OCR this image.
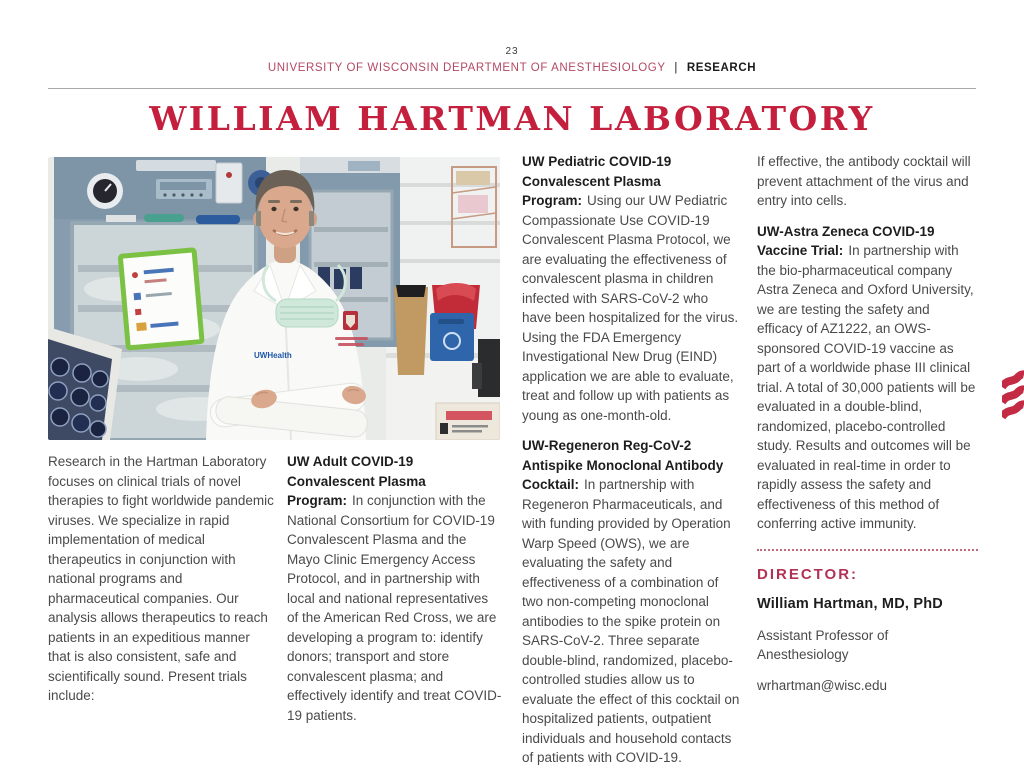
23
UNIVERSITY OF WISCONSIN DEPARTMENT OF ANESTHESIOLOGY | RESEARCH
WILLIAM HARTMAN LABORATORY
UWHealth

Research in the Hartman Laboratory focuses on clinical trials of novel therapies to fight worldwide pandemic viruses. We specialize in rapid implementation of medical therapeutics in conjunction with national programs and pharmaceutical companies. Our analysis allows therapeutics to reach patients in an expeditious manner that is also consistent, safe and scientifically sound. Present trials include:

UW Adult COVID-19 Convalescent Plasma Program: In conjunction with the National Consortium for COVID-19 Convalescent Plasma and the Mayo Clinic Emergency Access Protocol, and in partnership with local and national representatives of the American Red Cross, we are developing a program to: identify donors; transport and store convalescent plasma; and effectively identify and treat COVID-19 patients.

UW Pediatric COVID-19 Convalescent Plasma Program: Using our UW Pediatric Compassionate Use COVID-19 Convalescent Plasma Protocol, we are evaluating the effectiveness of convalescent plasma in children infected with SARS-CoV-2 who have been hospitalized for the virus. Using the FDA Emergency Investigational New Drug (EIND) application we are able to evaluate, treat and follow up with patients as young as one-month-old.

UW-Regeneron Reg-CoV-2 Antispike Monoclonal Antibody Cocktail: In partnership with Regeneron Pharmaceuticals, and with funding provided by Operation Warp Speed (OWS), we are evaluating the safety and effectiveness of a combination of two non-competing monoclonal antibodies to the spike protein on SARS-CoV-2. Three separate double-blind, randomized, placebo-controlled studies allow us to evaluate the effect of this cocktail on hospitalized patients, outpatient individuals and household contacts of patients with COVID-19.

If effective, the antibody cocktail will prevent attachment of the virus and entry into cells.

UW-Astra Zeneca COVID-19 Vaccine Trial: In partnership with the bio-pharmaceutical company Astra Zeneca and Oxford University, we are testing the safety and efficacy of AZ1222, an OWS-sponsored COVID-19 vaccine as part of a worldwide phase III clinical trial. A total of 30,000 patients will be evaluated in a double-blind, randomized, placebo-controlled study. Results and outcomes will be evaluated in real-time in order to rapidly assess the safety and effectiveness of this method of conferring active immunity.

DIRECTOR:

William Hartman, MD, PhD

Assistant Professor of Anesthesiology

wrhartman@wisc.edu
